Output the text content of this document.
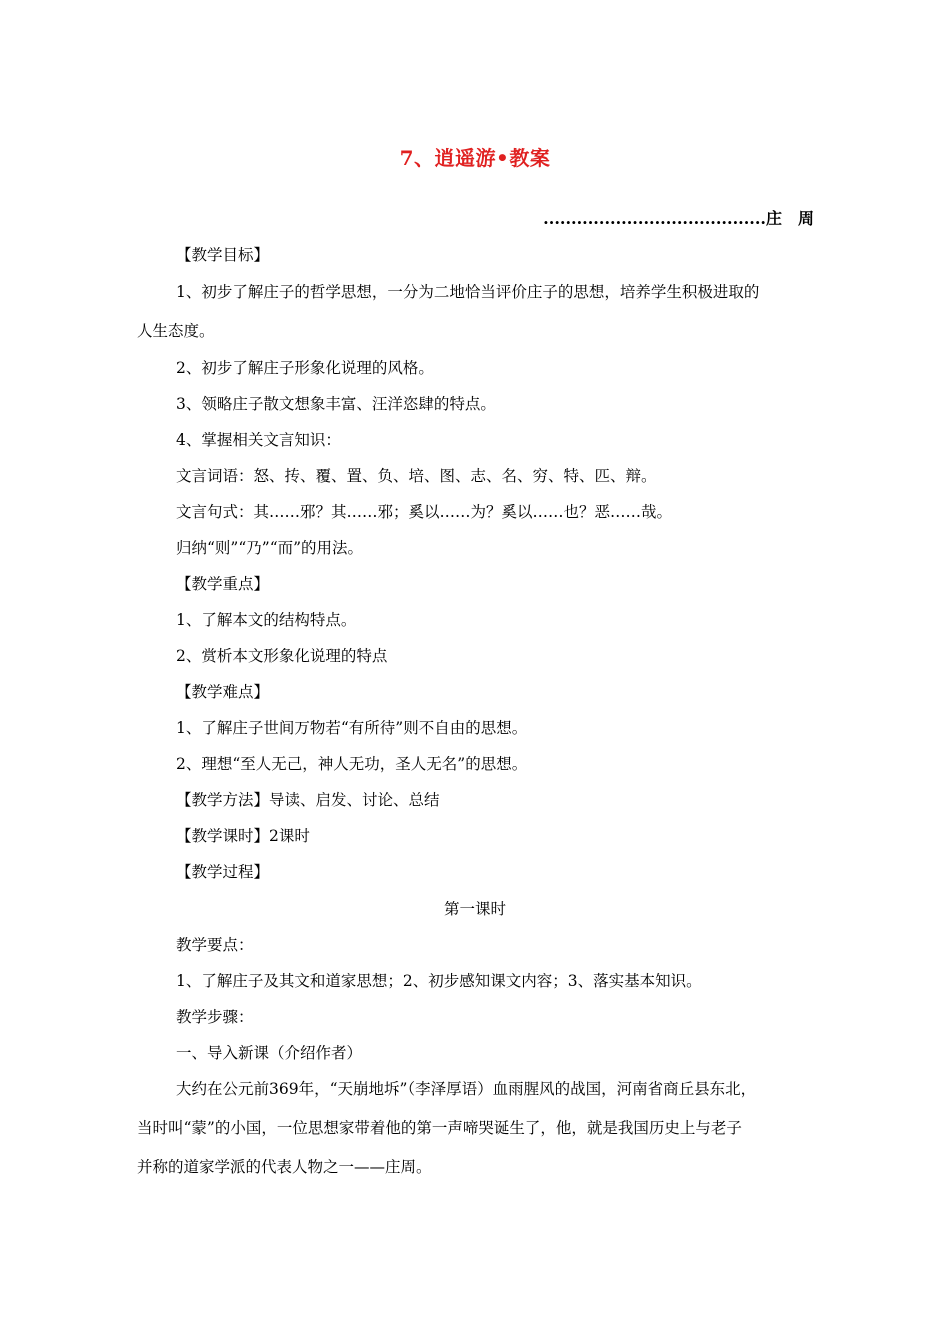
7、逍遥游•教案
........................................庄　周
【教学目标】
1、初步了解庄子的哲学思想，一分为二地恰当评价庄子的思想，培养学生积极进取的
人生态度。
2、初步了解庄子形象化说理的风格。
3、领略庄子散文想象丰富、汪洋恣肆的特点。
4、掌握相关文言知识：
文言词语：怒、抟、覆、置、负、培、图、志、名、穷、特、匹、辩。
文言句式：其……邪？其……邪；奚以……为？奚以……也？恶……哉。
归纳“则”“乃”“而”的用法。
【教学重点】
1、了解本文的结构特点。
2、赏析本文形象化说理的特点
【教学难点】
1、了解庄子世间万物若“有所待”则不自由的思想。
2、理想“至人无己，神人无功，圣人无名”的思想。
【教学方法】导读、启发、讨论、总结
【教学课时】2课时
【教学过程】
第一课时
教学要点：
1、了解庄子及其文和道家思想；2、初步感知课文内容；3、落实基本知识。
教学步骤：
一、导入新课（介绍作者）
大约在公元前369年，“天崩地坼”（李泽厚语）血雨腥风的战国，河南省商丘县东北，
当时叫“蒙”的小国，一位思想家带着他的第一声啼哭诞生了，他，就是我国历史上与老子
并称的道家学派的代表人物之一——庄周。
